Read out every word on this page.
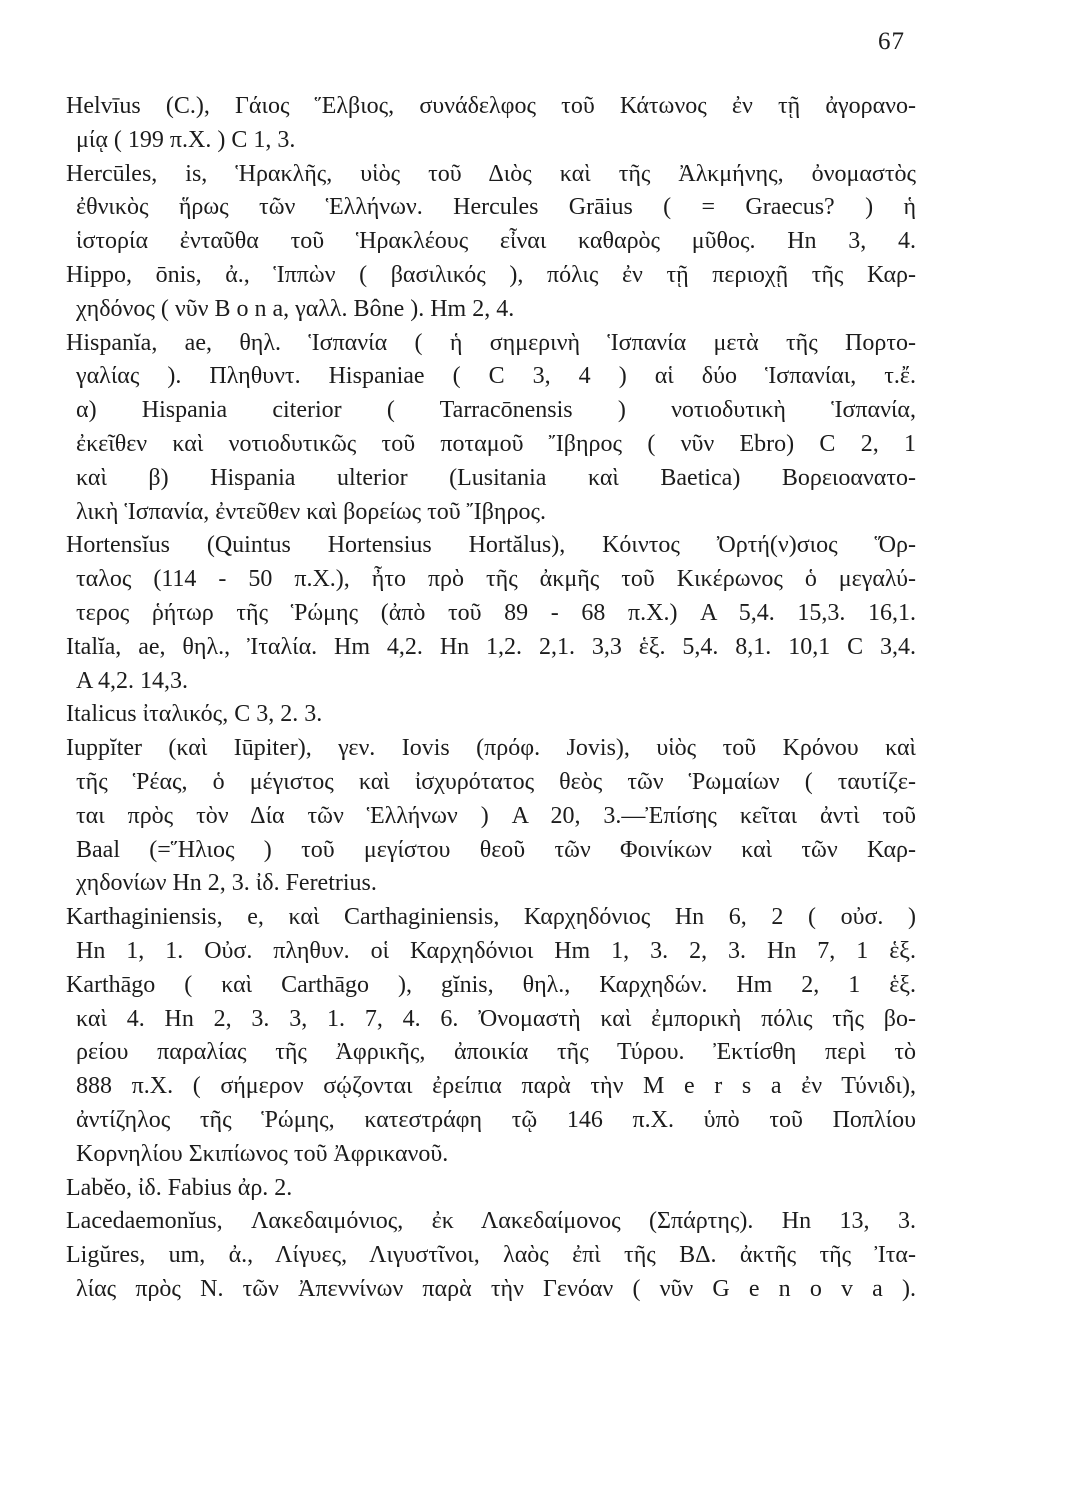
67
Helvīus (C.), Γάιος Ἕλβιος, συνάδελφος τοῦ Κάτωνος ἐν τῇ ἀγορανο-
μίᾳ ( 199 π.Χ. ) C 1, 3.
Hercūles, is, Ἡρακλῆς, υἱὸς τοῦ Διὸς καὶ τῆς Ἀλκμήνης, ὀνομαστὸς
ἐθνικὸς ἥρως τῶν Ἑλλήνων. Hercules Grāius ( = Graecus? ) ἡ
ἱστορία ἐνταῦθα τοῦ Ἡρακλέους εἶναι καθαρὸς μῦθος. Hn 3, 4.
Hippo, ōnis, ἀ., Ἱππὼν ( βασιλικός ), πόλις ἐν τῇ περιοχῇ τῆς Καρ-
χηδόνος ( νῦν B o n a, γαλλ. Bône ). Hm 2, 4.
Hispanĭa, ae, θηλ. Ἱσπανία ( ἡ σημερινὴ Ἱσπανία μετὰ τῆς Πορτο-
γαλίας ). Πληθυντ. Hispaniae ( C 3, 4 ) αἱ δύο Ἱσπανίαι, τ.ἔ.
α) Hispania citerior ( Tarracōnensis ) νοτιοδυτικὴ Ἱσπανία,
ἐκεῖθεν καὶ νοτιοδυτικῶς τοῦ ποταμοῦ Ἴβηρος ( νῦν Ebro) C 2, 1
καὶ β) Hispania ulterior (Lusitania καὶ Baetica) Βορειοανατο-
λικὴ Ἱσπανία, ἐντεῦθεν καὶ βορείως τοῦ Ἴβηρος.
Hortensĭus (Quintus Hortensius Hortălus), Κόιντος Ὀρτή(ν)σιος Ὅρ-
ταλος (114 - 50 π.Χ.), ἦτο πρὸ τῆς ἀκμῆς τοῦ Κικέρωνος ὁ μεγαλύ-
τερος ῥήτωρ τῆς Ῥώμης (ἀπὸ τοῦ 89 - 68 π.Χ.) A 5,4. 15,3. 16,1.
Italĭa, ae, θηλ., Ἰταλία. Hm 4,2. Hn 1,2. 2,1. 3,3 ἑξ. 5,4. 8,1. 10,1 C 3,4.
A 4,2. 14,3.
Italicus ἰταλικός, C 3, 2. 3.
Iuppĭter (καὶ Iūpiter), γεν. Iovis (πρόφ. Jovis), υἱὸς τοῦ Κρόνου καὶ
τῆς Ῥέας, ὁ μέγιστος καὶ ἰσχυρότατος θεὸς τῶν Ῥωμαίων ( ταυτίζε-
ται πρὸς τὸν Δία τῶν Ἑλλήνων ) A 20, 3.—Ἐπίσης κεῖται ἀντὶ τοῦ
Baal (=Ἥλιος ) τοῦ μεγίστου θεοῦ τῶν Φοινίκων καὶ τῶν Καρ-
χηδονίων Hn 2, 3. ἰδ. Feretrius.
Karthaginiensis, e, καὶ Carthaginiensis, Καρχηδόνιος Hn 6, 2 ( οὐσ. )
Hn 1, 1. Οὐσ. πληθυν. οἱ Καρχηδόνιοι Hm 1, 3. 2, 3. Hn 7, 1 ἑξ.
Karthāgo ( καὶ Carthāgo ), gĭnis, θηλ., Καρχηδών. Hm 2, 1 ἑξ.
καὶ 4. Hn 2, 3. 3, 1. 7, 4. 6. Ὀνομαστὴ καὶ ἐμπορικὴ πόλις τῆς βο-
ρείου παραλίας τῆς Ἀφρικῆς, ἀποικία τῆς Τύρου. Ἐκτίσθη περὶ τὸ
888 π.Χ. ( σήμερον σῴζονται ἐρείπια παρὰ τὴν M e r s a ἐν Τύνιδι),
ἀντίζηλος τῆς Ῥώμης, κατεστράφη τῷ 146 π.Χ. ὑπὸ τοῦ Ποπλίου
Κορνηλίου Σκιπίωνος τοῦ Ἀφρικανοῦ.
Labĕo, ἰδ. Fabius ἀρ. 2.
Lacedaemonĭus, Λακεδαιμόνιος, ἐκ Λακεδαίμονος (Σπάρτης). Hn 13, 3.
Ligŭres, um, ἀ., Λίγυες, Λιγυστῖνοι, λαὸς ἐπὶ τῆς ΒΔ. ἀκτῆς τῆς Ἰτα-
λίας πρὸς Ν. τῶν Ἀπεννίνων παρὰ τὴν Γενόαν ( νῦν G e n o v a ).
